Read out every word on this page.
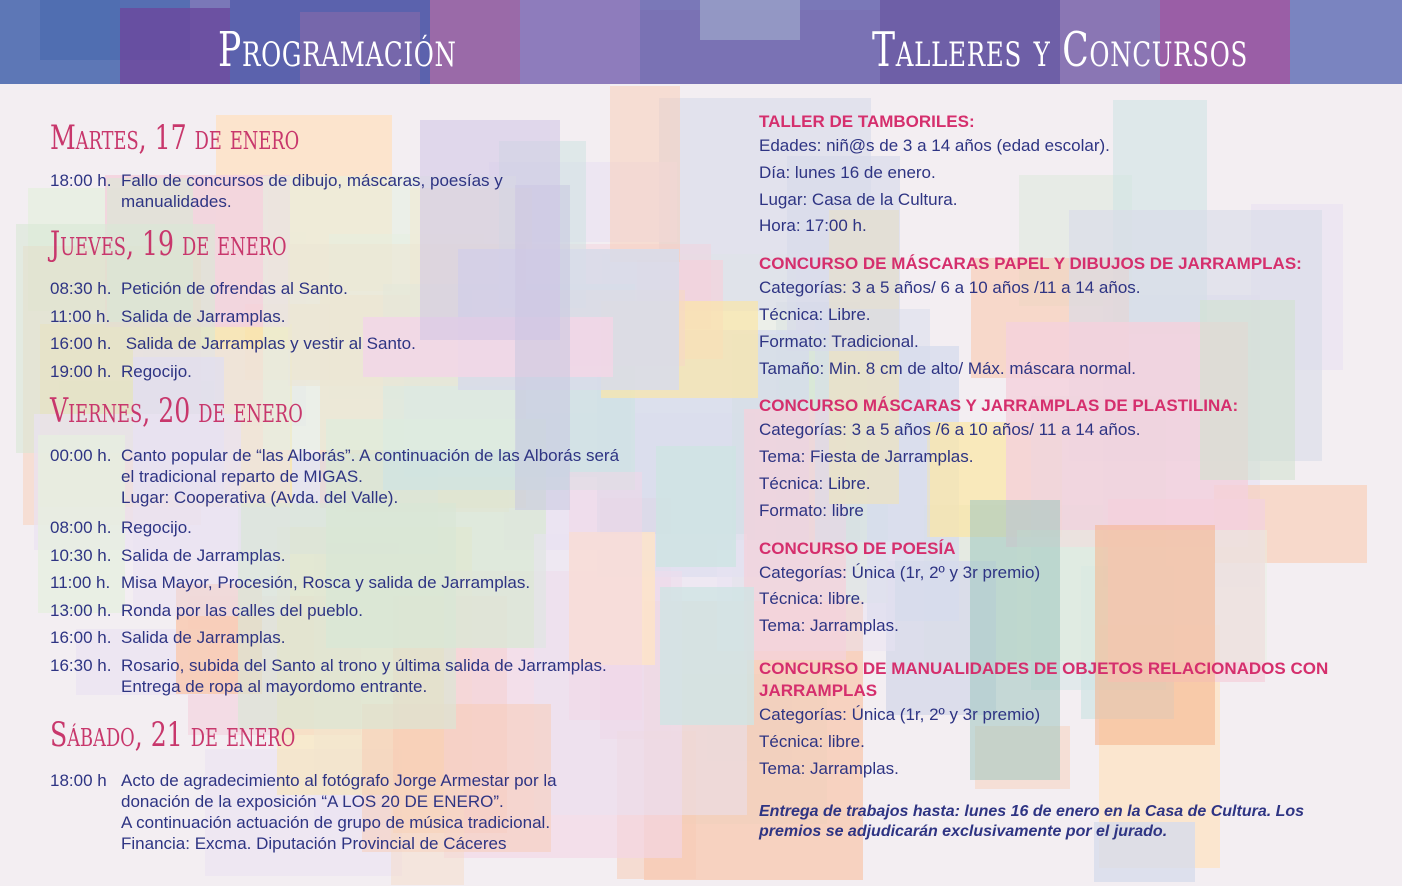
Programación	Talleres y Concursos
Martes, 17 de enero
18:00 h. Fallo de concursos de dibujo, máscaras, poesías y manualidades.
Jueves, 19 de enero
08:30 h. Petición de ofrendas al Santo.
11:00 h. Salida de Jarramplas.
16:00 h. Salida de Jarramplas y vestir al Santo.
19:00 h. Regocijo.
Viernes, 20 de enero
00:00 h. Canto popular de “las Alborás”. A continuación de las Alborás será el tradicional reparto de MIGAS.
Lugar: Cooperativa (Avda. del Valle).
08:00 h. Regocijo.
10:30 h. Salida de Jarramplas.
11:00 h. Misa Mayor, Procesión, Rosca y salida de Jarramplas.
13:00 h. Ronda por las calles del pueblo.
16:00 h. Salida de Jarramplas.
16:30 h. Rosario, subida del Santo al trono y última salida de Jarramplas. Entrega de ropa al mayordomo entrante.
Sábado, 21 de enero
18:00 h Acto de agradecimiento al fotógrafo Jorge Armestar por la donación de la exposición “A LOS 20 DE ENERO”.
A continuación actuación de grupo de música tradicional.
Financia: Excma. Diputación Provincial de Cáceres
TALLER DE TAMBORILES:
Edades: niñ@s de 3 a 14 años (edad escolar).
Día: lunes 16 de enero.
Lugar: Casa de la Cultura.
Hora: 17:00 h.
CONCURSO DE MÁSCARAS PAPEL Y DIBUJOS DE JARRAMPLAS:
Categorías: 3 a 5 años/ 6 a 10 años /11 a 14 años.
Técnica: Libre.
Formato: Tradicional.
Tamaño: Min. 8 cm de alto/ Máx. máscara normal.
CONCURSO MÁSCARAS Y JARRAMPLAS DE PLASTILINA:
Categorías: 3 a 5 años /6 a 10 años/ 11 a 14 años.
Tema: Fiesta de Jarramplas.
Técnica: Libre.
Formato: libre
CONCURSO DE POESÍA
Categorías: Única (1r, 2º y 3r premio)
Técnica: libre.
Tema: Jarramplas.
CONCURSO DE MANUALIDADES DE OBJETOS RELACIONADOS CON JARRAMPLAS
Categorías: Única (1r, 2º y 3r premio)
Técnica: libre.
Tema: Jarramplas.
Entrega de trabajos hasta: lunes 16 de enero en la Casa de Cultura. Los premios se adjudicarán exclusivamente por el jurado.
